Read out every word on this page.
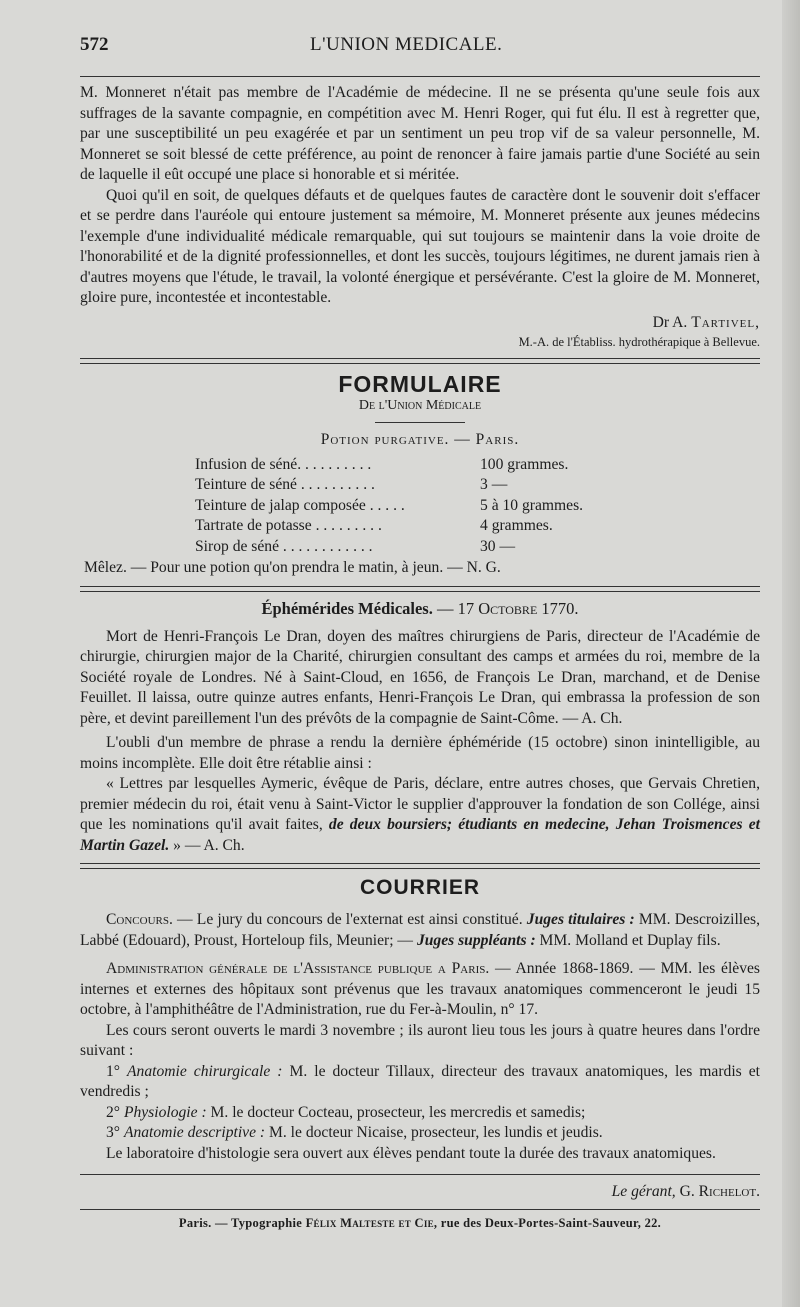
572	L'UNION MEDICALE.

M. Monneret n'était pas membre de l'Académie de médecine. Il ne se présenta qu'une seule fois aux suffrages de la savante compagnie, en compétition avec M. Henri Roger, qui fut élu. Il est à regretter que, par une susceptibilité un peu exagérée et par un sentiment un peu trop vif de sa valeur personnelle, M. Monneret se soit blessé de cette préférence, au point de renoncer à faire jamais partie d'une Société au sein de laquelle il eût occupé une place si honorable et si méritée.

Quoi qu'il en soit, de quelques défauts et de quelques fautes de caractère dont le souvenir doit s'effacer et se perdre dans l'auréole qui entoure justement sa mémoire, M. Monneret présente aux jeunes médecins l'exemple d'une individualité médicale remarquable, qui sut toujours se maintenir dans la voie droite de l'honorabilité et de la dignité professionnelles, et dont les succès, toujours légitimes, ne durent jamais rien à d'autres moyens que l'étude, le travail, la volonté énergique et persévérante. C'est la gloire de M. Monneret, gloire pure, incontestée et incontestable.

Dr A. Tartivel,
M.-A. de l'Établiss. hydrothérapique à Bellevue.
FORMULAIRE
De l'Union Médicale
Potion purgative. — Paris.
Infusion de séné. . . . . . . . . .	100 grammes.
Teinture de séné . . . . . . . . . .	3 —
Teinture de jalap composée . . . . .	5 à 10 grammes.
Tartrate de potasse . . . . . . . . .	4 grammes.
Sirop de séné . . . . . . . . . . . .	30 —
Mêlez. — Pour une potion qu'on prendra le matin, à jeun. — N. G.
Éphémérides Médicales. — 17 Octobre 1770.

Mort de Henri-François Le Dran, doyen des maîtres chirurgiens de Paris, directeur de l'Académie de chirurgie, chirurgien major de la Charité, chirurgien consultant des camps et armées du roi, membre de la Société royale de Londres. Né à Saint-Cloud, en 1656, de François Le Dran, marchand, et de Denise Feuillet. Il laissa, outre quinze autres enfants, Henri-François Le Dran, qui embrassa la profession de son père, et devint pareillement l'un des prévôts de la compagnie de Saint-Côme. — A. Ch.

L'oubli d'un membre de phrase a rendu la dernière éphéméride (15 octobre) sinon inintelligible, au moins incomplète. Elle doit être rétablie ainsi :

« Lettres par lesquelles Aymeric, évêque de Paris, déclare, entre autres choses, que Gervais Chretien, premier médecin du roi, était venu à Saint-Victor le supplier d'approuver la fondation de son Collége, ainsi que les nominations qu'il avait faites, de deux boursiers; étudiants en medecine, Jehan Troismences et Martin Gazel. » — A. Ch.

COURRIER

Concours. — Le jury du concours de l'externat est ainsi constitué. Juges titulaires : MM. Descroizilles, Labbé (Edouard), Proust, Horteloup fils, Meunier; — Juges suppléants : MM. Molland et Duplay fils.

Administration générale de l'Assistance publique a Paris. — Année 1868-1869. — MM. les élèves internes et externes des hôpitaux sont prévenus que les travaux anatomiques commenceront le jeudi 15 octobre, à l'amphithéâtre de l'Administration, rue du Fer-à-Moulin, n° 17.

Les cours seront ouverts le mardi 3 novembre ; ils auront lieu tous les jours à quatre heures dans l'ordre suivant :

1° Anatomie chirurgicale : M. le docteur Tillaux, directeur des travaux anatomiques, les mardis et vendredis ;

2° Physiologie : M. le docteur Cocteau, prosecteur, les mercredis et samedis;

3° Anatomie descriptive : M. le docteur Nicaise, prosecteur, les lundis et jeudis.

Le laboratoire d'histologie sera ouvert aux élèves pendant toute la durée des travaux anatomiques.

Le gérant, G. Richelot.
Paris. — Typographie Félix Malteste et Cie, rue des Deux-Portes-Saint-Sauveur, 22.
